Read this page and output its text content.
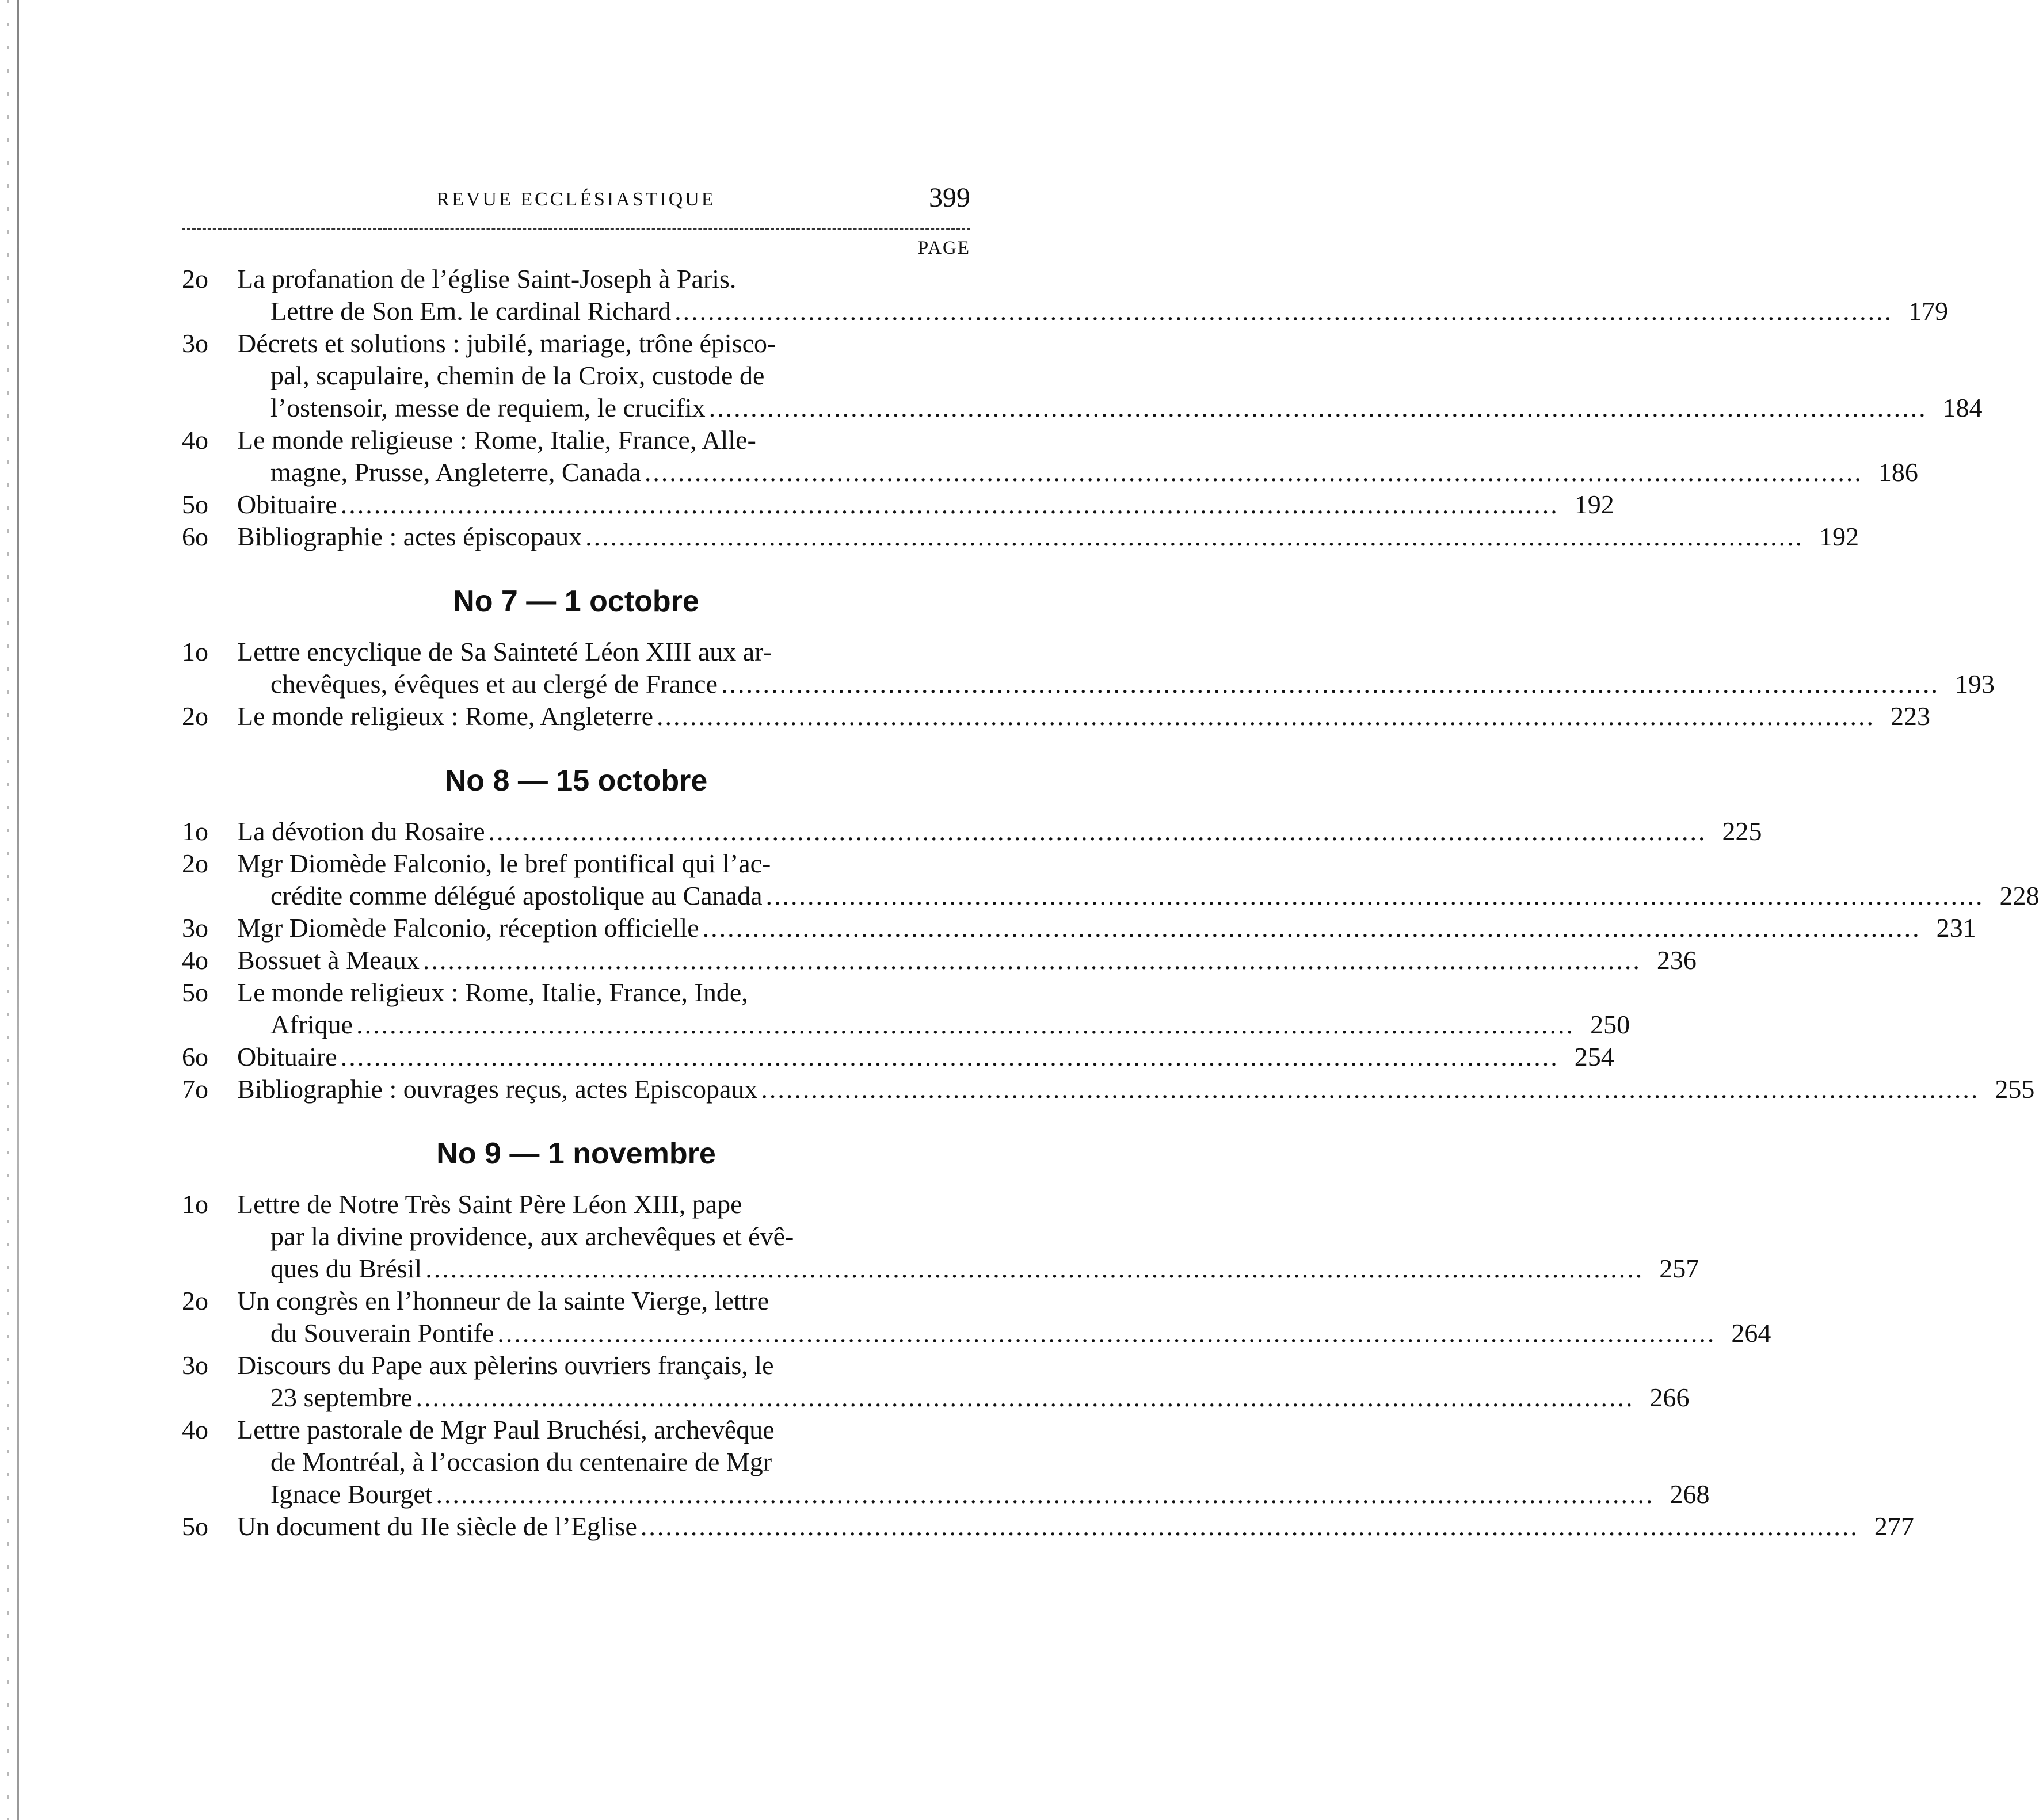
REVUE ECCLÉSIASTIQUE	399
PAGE
2o	La profanation de l’église Saint-Joseph à Paris.
Lettre de Son Em. le cardinal Richard .....	179
3o	Décrets et solutions : jubilé, mariage, trône épisco-
pal, scapulaire, chemin de la Croix, custode de
l’ostensoir, messe de requiem, le crucifix .....	184
4o	Le monde religieuse : Rome, Italie, France, Alle-
magne, Prusse, Angleterre, Canada .....	186
5o	Obituaire .....	192
6o	Bibliographie : actes épiscopaux .....	192
No 7 — 1 octobre
1o	Lettre encyclique de Sa Sainteté Léon XIII aux ar-
chevêques, évêques et au clergé de France .....	193
2o	Le monde religieux : Rome, Angleterre .....	223
No 8 — 15 octobre
1o	La dévotion du Rosaire .....	225
2o	Mgr Diomède Falconio, le bref pontifical qui l’ac-
crédite comme délégué apostolique au Canada .....	228
3o	Mgr Diomède Falconio, réception officielle .....	231
4o	Bossuet à Meaux .....	236
5o	Le monde religieux : Rome, Italie, France, Inde,
Afrique .....	250
6o	Obituaire .....	254
7o	Bibliographie : ouvrages reçus, actes Episcopaux .....	255
No 9 — 1 novembre
1o	Lettre de Notre Très Saint Père Léon XIII, pape
par la divine providence, aux archevêques et évê-
ques du Brésil .....	257
2o	Un congrès en l’honneur de la sainte Vierge, lettre
du Souverain Pontife .....	264
3o	Discours du Pape aux pèlerins ouvriers français, le
23 septembre .....	266
4o	Lettre pastorale de Mgr Paul Bruchési, archevêque
de Montréal, à l’occasion du centenaire de Mgr
Ignace Bourget .....	268
5o	Un document du IIe siècle de l’Eglise .....	277
